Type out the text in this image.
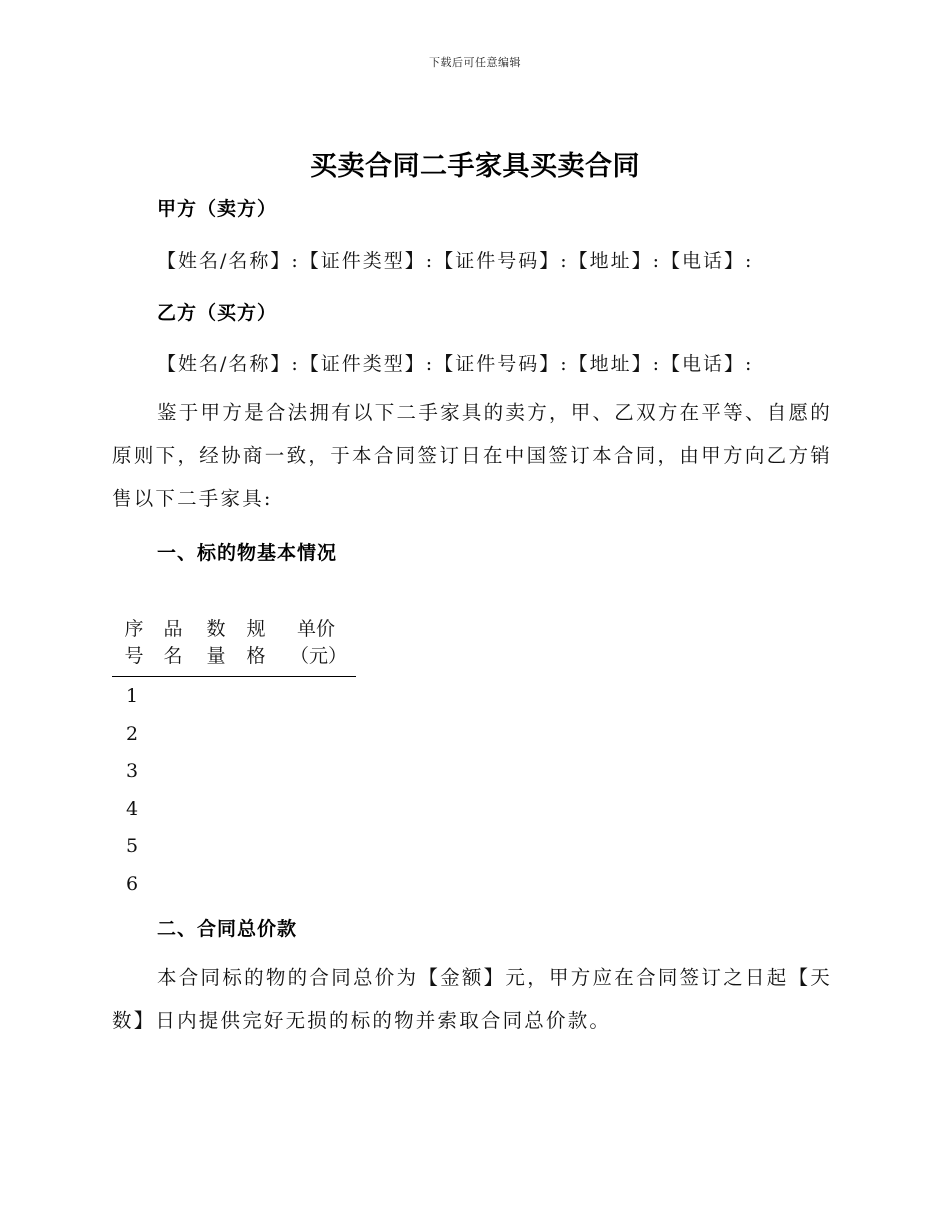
下载后可任意编辑
买卖合同二手家具买卖合同
甲方（卖方）
【姓名/名称】:【证件类型】:【证件号码】:【地址】:【电话】:
乙方（买方）
【姓名/名称】:【证件类型】:【证件号码】:【地址】:【电话】:
鉴于甲方是合法拥有以下二手家具的卖方，甲、乙双方在平等、自愿的原则下，经协商一致，于本合同签订日在中国签订本合同，由甲方向乙方销售以下二手家具:
一、标的物基本情况
序号
品名
数量
规格
单价（元）
1
2
3
4
5
6
二、合同总价款
本合同标的物的合同总价为【金额】元，甲方应在合同签订之日起【天数】日内提供完好无损的标的物并索取合同总价款。
